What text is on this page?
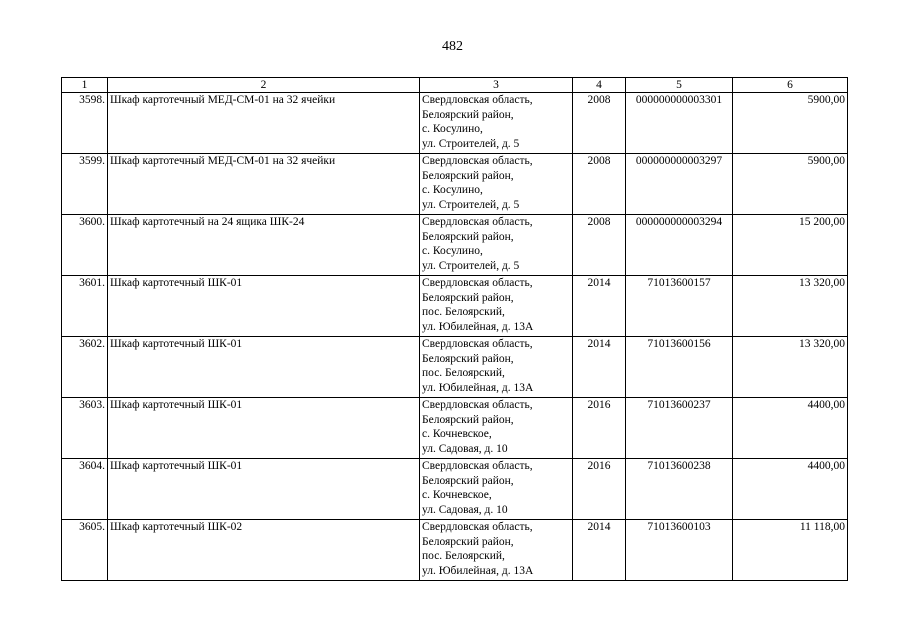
482
1	2	3	4	5	6
3598.	Шкаф картотечный МЕД-СМ-01 на 32 ячейки	Свердловская область,
Белоярский район,
с. Косулино,
ул. Строителей, д. 5	2008	000000000003301	5900,00
3599.	Шкаф картотечный МЕД-СМ-01 на 32 ячейки	Свердловская область,
Белоярский район,
с. Косулино,
ул. Строителей, д. 5	2008	000000000003297	5900,00
3600.	Шкаф картотечный на 24 ящика ШК-24	Свердловская область,
Белоярский район,
с. Косулино,
ул. Строителей, д. 5	2008	000000000003294	15 200,00
3601.	Шкаф картотечный ШК-01	Свердловская область,
Белоярский район,
пос. Белоярский,
ул. Юбилейная, д. 13А	2014	71013600157	13 320,00
3602.	Шкаф картотечный ШК-01	Свердловская область,
Белоярский район,
пос. Белоярский,
ул. Юбилейная, д. 13А	2014	71013600156	13 320,00
3603.	Шкаф картотечный ШК-01	Свердловская область,
Белоярский район,
с. Кочневское,
ул. Садовая, д. 10	2016	71013600237	4400,00
3604.	Шкаф картотечный ШК-01	Свердловская область,
Белоярский район,
с. Кочневское,
ул. Садовая, д. 10	2016	71013600238	4400,00
3605.	Шкаф картотечный ШК-02	Свердловская область,
Белоярский район,
пос. Белоярский,
ул. Юбилейная, д. 13А	2014	71013600103	11 118,00
